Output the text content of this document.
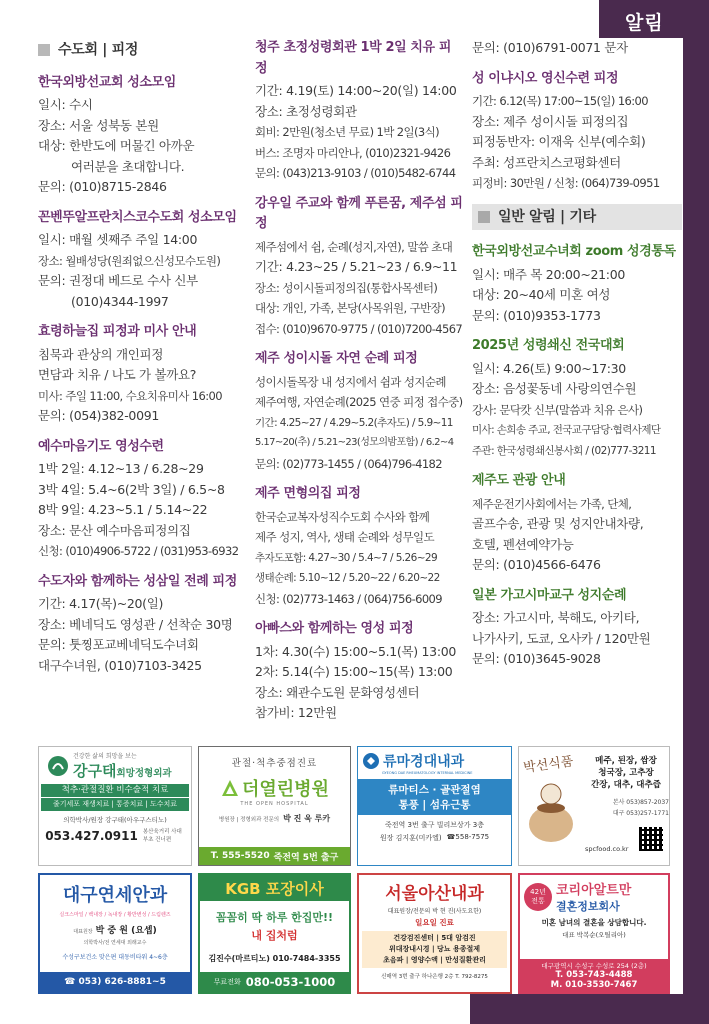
알림
수도회 | 피정
한국외방선교회 성소모임
일시: 수시
장소: 서울 성북동 본원
대상: 한반도에 머물긴 아까운
여러분을 초대합니다.
문의: (010)8715-2846
꼰벤뚜알프란치스코수도회 성소모임
일시: 매월 셋째주 주일 14:00
장소: 월배성당(원죄없으신성모수도원)
문의: 권정대 베드로 수사 신부
(010)4344-1997
효령하늘집 피정과 미사 안내
침묵과 관상의 개인피정
면담과 치유 / 나도 가 볼까요?
미사: 주일 11:00, 수요치유미사 16:00
문의: (054)382-0091
예수마음기도 영성수련
1박 2일: 4.12~13 / 6.28~29
3박 4일: 5.4~6(2박 3일) / 6.5~8
8박 9일: 4.23~5.1 / 5.14~22
장소: 문산 예수마음피정의집
신청: (010)4906-5722 / (031)953-6932
수도자와 함께하는 성삼일 전례 피정
기간: 4.17(목)~20(일)
장소: 베네딕도 영성관 / 선착순 30명
문의: 툿찡포교베네딕도수녀회
대구수녀원, (010)7103-3425
청주 초정성령회관 1박 2일 치유 피정
기간: 4.19(토) 14:00~20(일) 14:00
장소: 초정성령회관
회비: 2만원(청소년 무료) 1박 2일(3식)
버스: 조명자 마리안나, (010)2321-9426
문의: (043)213-9103 / (010)5482-6744
강우일 주교와 함께 푸른꿈, 제주섬 피정
제주섬에서 쉼, 순례(성지,자연), 말씀 초대
기간: 4.23~25 / 5.21~23 / 6.9~11
장소: 성이시돌피정의집(통합사목센터)
대상: 개인, 가족, 본당(사목위원, 구반장)
접수: (010)9670-9775 / (010)7200-4567
제주 성이시돌 자연 순례 피정
성이시돌목장 내 성지에서 쉼과 성지순례
제주여행, 자연순례(2025 연중 피정 접수중)
기간: 4.25~27 / 4.29~5.2(추자도) / 5.9~11
5.17~20(추) / 5.21~23(성모의밤포함) / 6.2~4
문의: (02)773-1455 / (064)796-4182
제주 면형의집 피정
한국순교복자성직수도회 수사와 함께
제주 성지, 역사, 생태 순례와 성무일도
추자도포함: 4.27~30 / 5.4~7 / 5.26~29
생태순례: 5.10~12 / 5.20~22 / 6.20~22
신청: (02)773-1463 / (064)756-6009
아빠스와 함께하는 영성 피정
1차: 4.30(수) 15:00~5.1(목) 13:00
2차: 5.14(수) 15:00~15(목) 13:00
장소: 왜관수도원 문화영성센터
참가비: 12만원
문의: (010)6791-0071 문자
성 이냐시오 영신수련 피정
기간: 6.12(목) 17:00~15(일) 16:00
장소: 제주 성이시돌 피정의집
피정동반자: 이재욱 신부(예수회)
주최: 성프란치스코평화센터
피정비: 30만원 / 신청: (064)739-0951
일반 알림 | 기타
한국외방선교수녀회 zoom 성경통독
일시: 매주 목 20:00~21:00
대상: 20~40세 미혼 여성
문의: (010)9353-1773
2025년 성령쇄신 전국대회
일시: 4.26(토) 9:00~17:30
장소: 음성꽃동네 사랑의연수원
강사: 문닥캇 신부(말씀과 치유 은사)
미사: 손희송 주교, 전국교구담당·협력사제단
주관: 한국성령쇄신봉사회 / (02)777-3211
제주도 관광 안내
제주운전기사회에서는 가족, 단체,
골프수송, 관광 및 성지안내차량,
호텔, 펜션예약가능
문의: (010)4566-6476
일본 가고시마교구 성지순례
장소: 가고시마, 북해도, 아키타,
나가사키, 도쿄, 오사카 / 120만원
문의: (010)3645-9028
건강한 삶의 희망을 보는
강구태희망정형외과
척추·관절질환 비수술적 치료
줄기세포 재생치료 | 통증치료 | 도수치료
의학박사/원장 강구태(아우구스티노)
053.427.0911 봉산육거리 사대부초 건너편
관절·척추중점진료
더열린병원
THE OPEN HOSPITAL
병원장 | 정형외과 전문의 박 진 욱 루카
T. 555-5520 죽전역 5번 출구
류마경대내과
GYEONG DAE RHEUMATOLOGY INTERNAL MEDICINE
류마티스 · 골관절염
통풍 | 섬유근통
죽전역 3번 출구 빌리브상가 3층
원장 김지훈(미카엘) ☎ 558-7575
박선식품	메주, 된장, 쌈장
청국장, 고추장
간장, 대추, 대추즙
본사 053)857-2037
대구 053)257-1771
spcfood.co.kr
대구연세안과
실크스마일 / 백내장 / 녹내장 / 황반변성 / 드림렌즈
대표원장 박 중 원 (요셉)
의학박사/전 연세대 외래교수
수성구보건소 맞은편 대동비타워 4~6층
☎ 053) 626-8881~5
KGB 포장이사
꼼꼼히 딱 하루 한집만!!
내 집처럼
김진수(마르티노) 010-7484-3355
무료전화 080-053-1000
서울아산내과
대표원장/전문의 박 현 진(사도요한)
일요일 진료
건강검진센터 | 5대 암검진
위대장내시경 | 당뇨 용종절제
초음파 | 영양수액 | 만성질환관리
신매역 3번 출구 하나은행 2층 T. 792-8275
42년
전통
코리아알트만
결혼정보회사
미혼 남녀의 결혼을 상담합니다.
대표 박복순(오틸리아)
대구광역시 수성구 수성로 254 (2층)
T. 053-743-4488
M. 010-3530-7467
